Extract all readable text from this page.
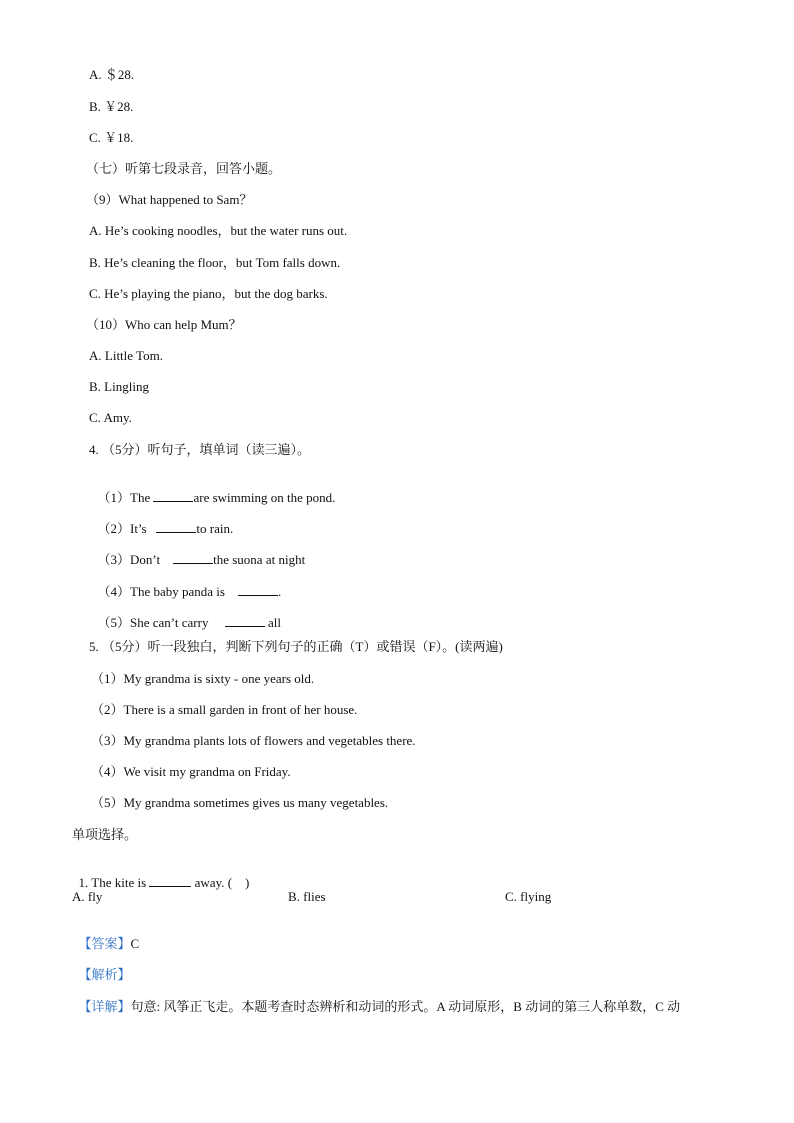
A. ＄28.
B. ￥28.
C. ￥18.
（七）听第七段录音，回答小题。
（9）What happened to Sam？
A. He’s cooking noodles，but the water runs out.
B. He’s cleaning the floor，but Tom falls down.
C. He’s playing the piano，but the dog barks.
（10）Who can help Mum？
A. Little Tom.
B. Lingling
C. Amy.
4. （5分）听句子，填单词（读三遍）。

（1）The	are swimming on the pond.

（2）It’s	to rain.

（3）Don’t	the suona at night

（4）The baby panda is	.

（5）She can’t carry	all

5. （5分）听一段独白，判断下列句子的正确（T）或错误（F）。(读两遍)
（1）My grandma is sixty - one years old.
（2）There is a small garden in front of her house.
（3）My grandma plants lots of flowers and vegetables there.
（4）We visit my grandma on Friday.
（5）My grandma sometimes gives us many vegetables.
单项选择。

1. The kite is	away. (    )

A. fly	B. flies	C. flying

【答案】C

【解析】

【详解】句意: 风筝正飞走。本题考查时态辨析和动词的形式。A 动词原形，B 动词的第三人称单数，C 动
